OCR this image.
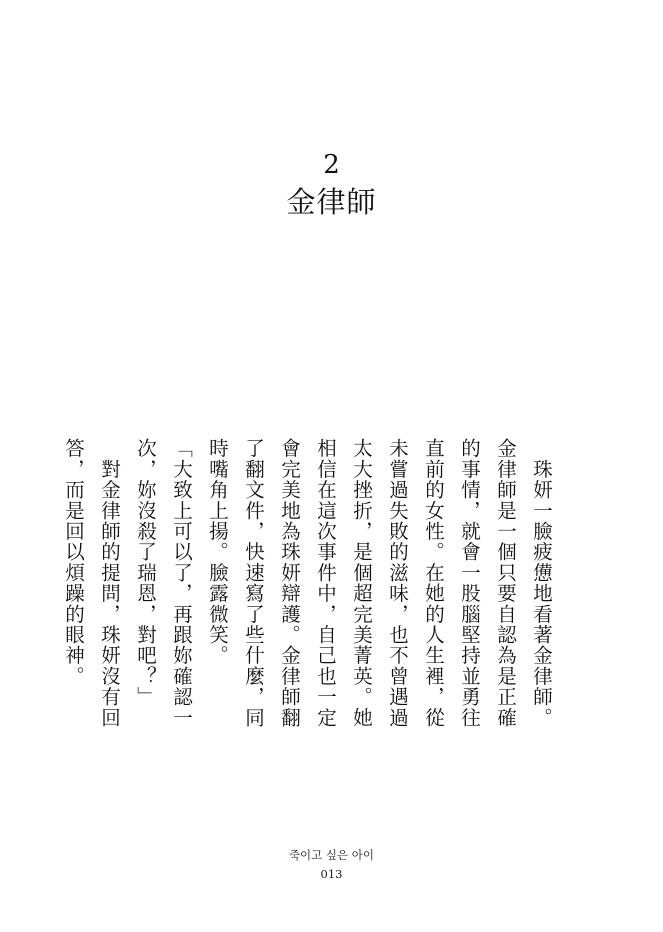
2
金律師

　珠妍一臉疲憊地看著金律師。

金律師是一個只要自認為是正確的事情，就會一股腦堅持並勇往直前的女性。在她的人生裡，從未嘗過失敗的滋味，也不曾遇過太大挫折，是個超完美菁英。她相信在這次事件中，自己也一定會完美地為珠妍辯護。金律師翻了翻文件，快速寫了些什麼，同時嘴角上揚。臉露微笑。

「大致上可以了，再跟妳確認一次，妳沒殺了瑞恩，對吧？」

　對金律師的提問，珠妍沒有回答，而是回以煩躁的眼神。

죽이고 싶은 아이
013
